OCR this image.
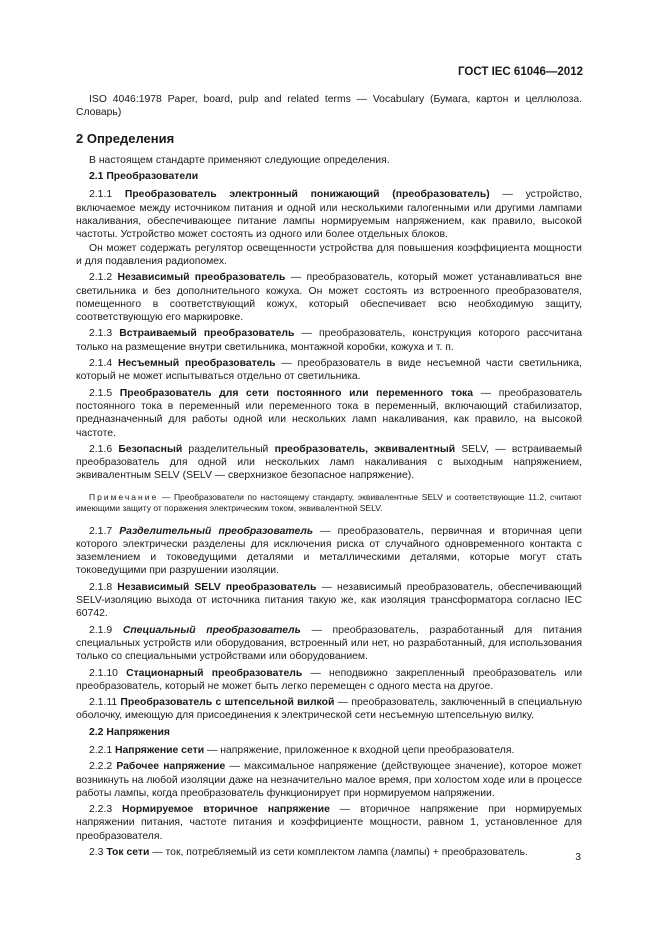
ГОСТ IEC 61046—2012

ISO 4046:1978 Paper, board, pulp and related terms — Vocabulary (Бумага, картон и целлюлоза. Словарь)

2 Определения

В настоящем стандарте применяют следующие определения.

2.1 Преобразователи

2.1.1 Преобразователь электронный понижающий (преобразователь) — устройство, включаемое между источником питания и одной или несколькими галогенными или другими лампами накаливания, обеспечивающее питание лампы нормируемым напряжением, как правило, высокой частоты. Устройство может состоять из одного или более отдельных блоков.

Он может содержать регулятор освещенности устройства для повышения коэффициента мощности и для подавления радиопомех.

2.1.2 Независимый преобразователь — преобразователь, который может устанавливаться вне светильника и без дополнительного кожуха. Он может состоять из встроенного преобразователя, помещенного в соответствующий кожух, который обеспечивает всю необходимую защиту, соответствующую его маркировке.

2.1.3 Встраиваемый преобразователь — преобразователь, конструкция которого рассчитана только на размещение внутри светильника, монтажной коробки, кожуха и т. п.

2.1.4 Несъемный преобразователь — преобразователь в виде несъемной части светильника, который не может испытываться отдельно от светильника.

2.1.5 Преобразователь для сети постоянного или переменного тока — преобразователь постоянного тока в переменный или переменного тока в переменный, включающий стабилизатор, предназначенный для работы одной или нескольких ламп накаливания, как правило, на высокой частоте.

2.1.6 Безопасный разделительный преобразователь, эквивалентный SELV, — встраиваемый преобразователь для одной или нескольких ламп накаливания с выходным напряжением, эквивалентным SELV (SELV — сверхнизкое безопасное напряжение).

Примечание — Преобразователи по настоящему стандарту, эквивалентные SELV и соответствующие 11.2, считают имеющими защиту от поражения электрическим током, эквивалентной SELV.

2.1.7 Разделительный преобразователь — преобразователь, первичная и вторичная цепи которого электрически разделены для исключения риска от случайного одновременного контакта с заземлением и токоведущими деталями и металлическими деталями, которые могут стать токоведущими при разрушении изоляции.

2.1.8 Независимый SELV преобразователь — независимый преобразователь, обеспечивающий SELV-изоляцию выхода от источника питания такую же, как изоляция трансформатора согласно IEC 60742.

2.1.9 Специальный преобразователь — преобразователь, разработанный для питания специальных устройств или оборудования, встроенный или нет, но разработанный, для использования только со специальными устройствами или оборудованием.

2.1.10 Стационарный преобразователь — неподвижно закрепленный преобразователь или преобразователь, который не может быть легко перемещен с одного места на другое.

2.1.11 Преобразователь с штепсельной вилкой — преобразователь, заключенный в специальную оболочку, имеющую для присоединения к электрической сети несъемную штепсельную вилку.

2.2 Напряжения

2.2.1 Напряжение сети — напряжение, приложенное к входной цепи преобразователя.

2.2.2 Рабочее напряжение — максимальное напряжение (действующее значение), которое может возникнуть на любой изоляции даже на незначительно малое время, при холостом ходе или в процессе работы лампы, когда преобразователь функционирует при нормируемом напряжении.

2.2.3 Нормируемое вторичное напряжение — вторичное напряжение при нормируемых напряжении питания, частоте питания и коэффициенте мощности, равном 1, установленное для преобразователя.

2.3 Ток сети — ток, потребляемый из сети комплектом лампа (лампы) + преобразователь.	3
